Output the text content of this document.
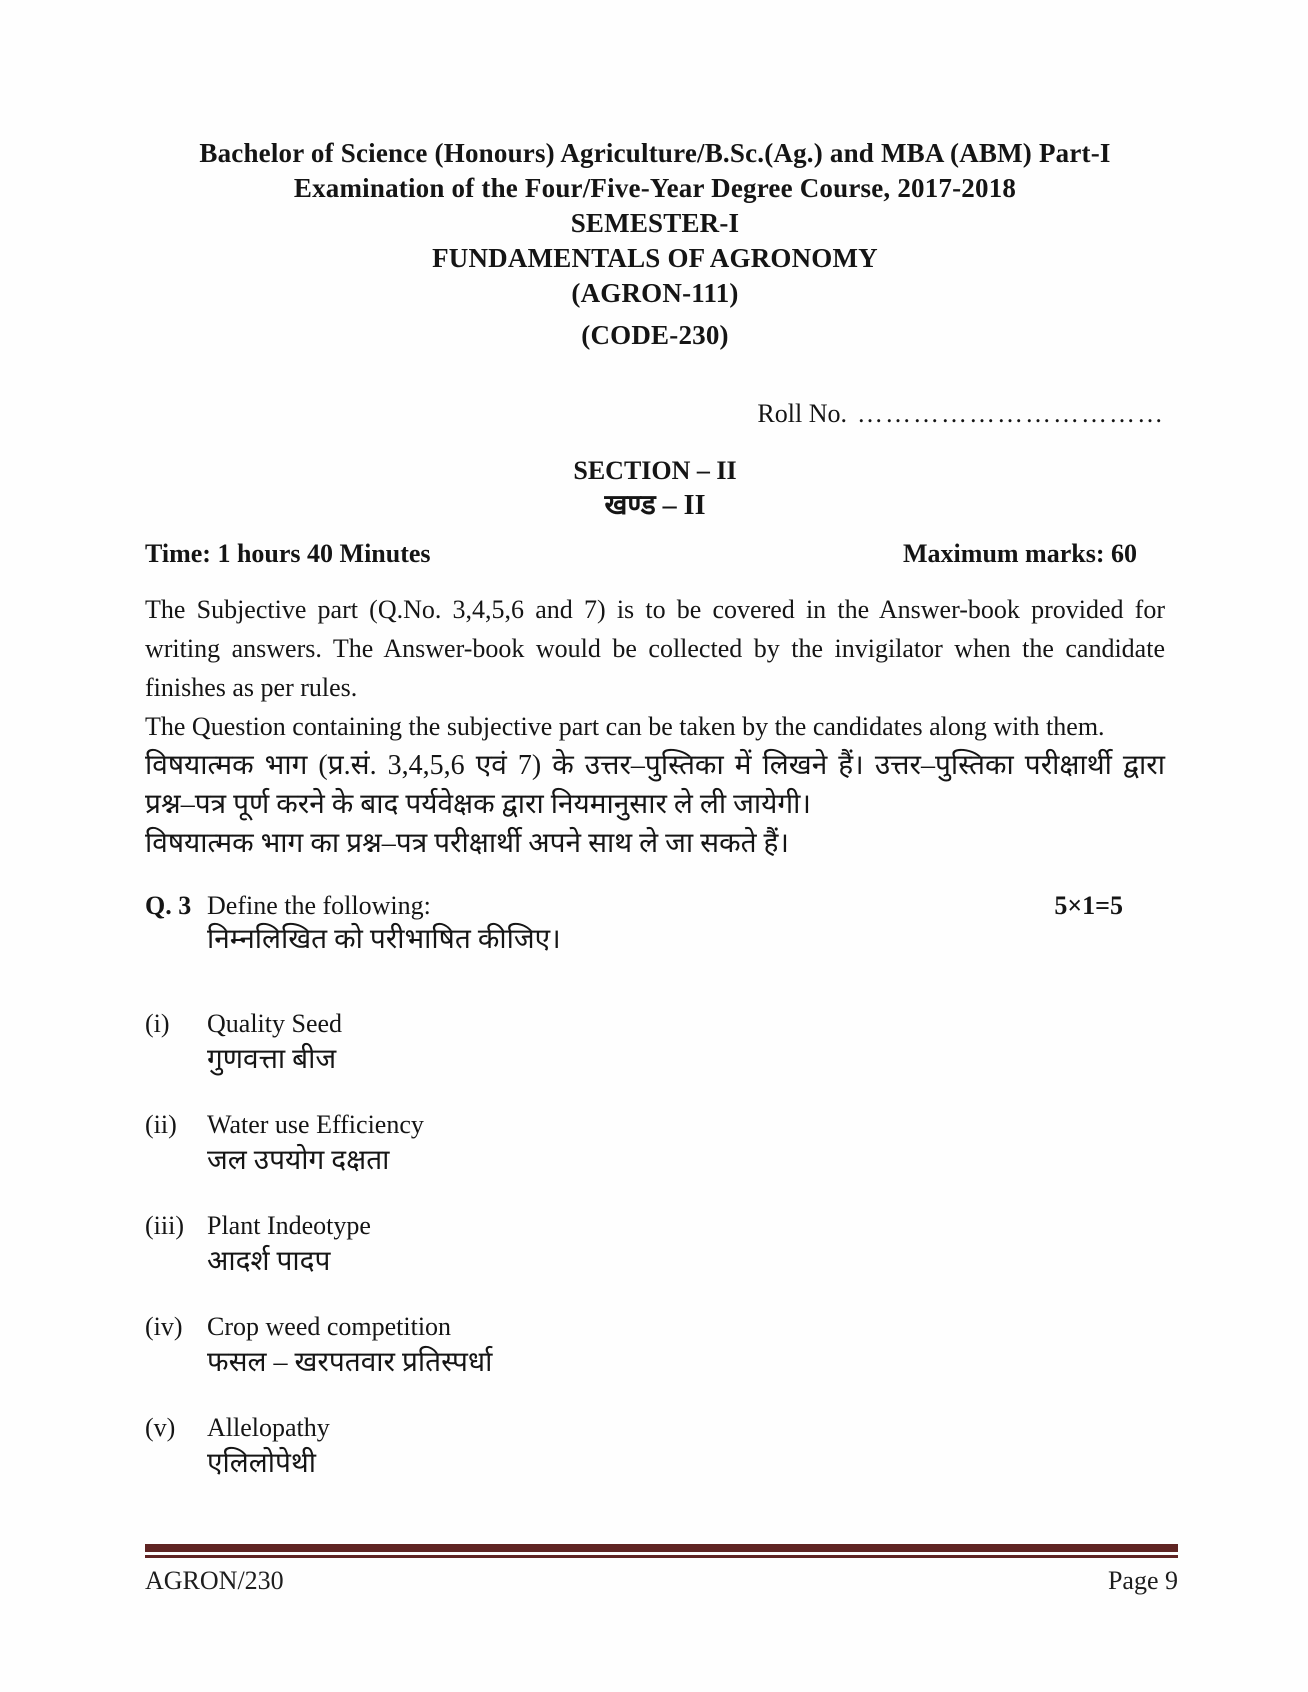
Bachelor of Science (Honours) Agriculture/B.Sc.(Ag.) and MBA (ABM) Part-I
Examination of the Four/Five-Year Degree Course, 2017-2018
SEMESTER-I
FUNDAMENTALS OF AGRONOMY
(AGRON-111)
(CODE-230)
Roll No. ……………………………
SECTION – II
खण्ड – II
Time: 1 hours 40 Minutes	Maximum marks: 60

The Subjective part (Q.No. 3,4,5,6 and 7) is to be covered in the Answer-book provided for writing answers. The Answer-book would be collected by the invigilator when the candidate finishes as per rules.

The Question containing the subjective part can be taken by the candidates along with them.

विषयात्मक भाग (प्र.सं. 3,4,5,6 एवं 7) के उत्तर–पुस्तिका में लिखने हैं। उत्तर–पुस्तिका परीक्षार्थी द्वारा प्रश्न–पत्र पूर्ण करने के बाद पर्यवेक्षक द्वारा नियमानुसार ले ली जायेगी।

विषयात्मक भाग का प्रश्न–पत्र परीक्षार्थी अपने साथ ले जा सकते हैं।

Q. 3 Define the following:	5×1=5
निम्नलिखित को परीभाषित कीजिए।
(i)	Quality Seed
गुणवत्ता बीज
(ii)	Water use Efficiency
जल उपयोग दक्षता
(iii) Plant Indeotype
आदर्श पादप
(iv) Crop weed competition
फसल – खरपतवार प्रतिस्पर्धा
(v)	Allelopathy
एलिलोपेथी
AGRON/230	Page 9
